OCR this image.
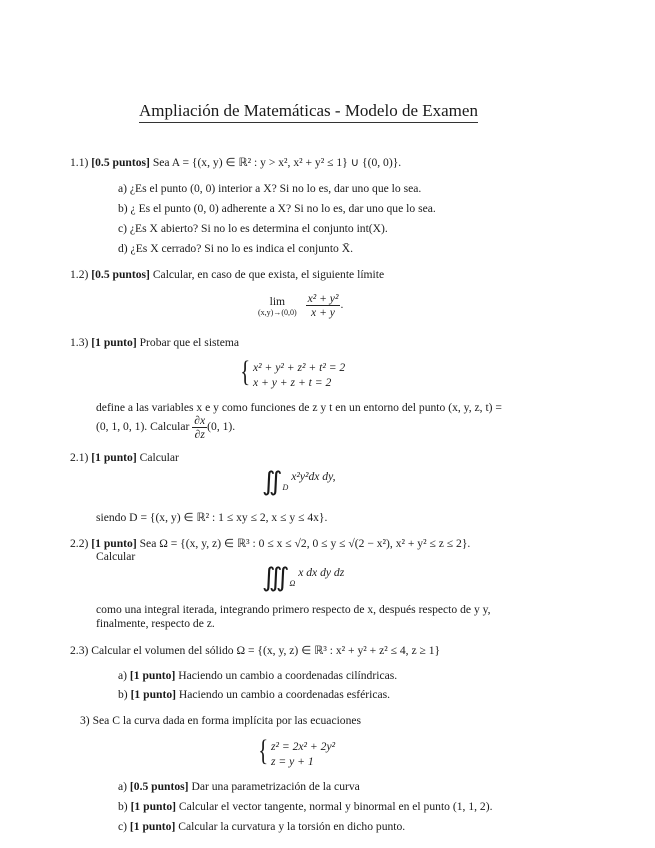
Ampliación de Matemáticas - Modelo de Examen
1.1) [0.5 puntos] Sea A = {(x, y) ∈ ℝ² : y > x², x² + y² ≤ 1} ∪ {(0, 0)}.
a) ¿Es el punto (0, 0) interior a X? Si no lo es, dar uno que lo sea.
b) ¿ Es el punto (0, 0) adherente a X? Si no lo es, dar uno que lo sea.
c) ¿Es X abierto? Si no lo es determina el conjunto int(X).
d) ¿Es X cerrado? Si no lo es indica el conjunto X̄.
1.2) [0.5 puntos] Calcular, en caso de que exista, el siguiente límite
lim
(x,y)→(0,0)
$\frac{\text{x² + y²}}{x + y}$ .
1.3) [1 punto] Probar que el sistema
{ x² + y² + z² + t² = 2
x + y + z + t = 2
define a las variables x e y como funciones de z y t en un entorno del punto (x, y, z, t) =
(0, 1, 0, 1). Calcular $\frac{\partial x}{\partial z} (0$, 1).
2.1) [1 punto] Calcular
∬D x²y²dx dy,
siendo D = {(x, y) ∈ ℝ² : 1 ≤ xy ≤ 2, x ≤ y ≤ 4x}.
2.2) [1 punto] Sea Ω = {(x, y, z) ∈ ℝ³ : 0 ≤ x ≤ √2, 0 ≤ y ≤ √(2 − x²), x² + y² ≤ z ≤ 2}.
Calcular
∭Ω x dx dy dz
como una integral iterada, integrando primero respecto de x, después respecto de y y,
finalmente, respecto de z.
2.3) Calcular el volumen del sólido Ω = {(x, y, z) ∈ ℝ³ : x² + y² + z² ≤ 4, z ≥ 1}
a) [1 punto] Haciendo un cambio a coordenadas cilíndricas.
b) [1 punto] Haciendo un cambio a coordenadas esféricas.
3) Sea C la curva dada en forma implícita por las ecuaciones
{ z² = 2x² + 2y²
z = y + 1
a) [0.5 puntos] Dar una parametrización de la curva
b) [1 punto] Calcular el vector tangente, normal y binormal en el punto (1, 1, 2).
c) [1 punto] Calcular la curvatura y la torsión en dicho punto.
